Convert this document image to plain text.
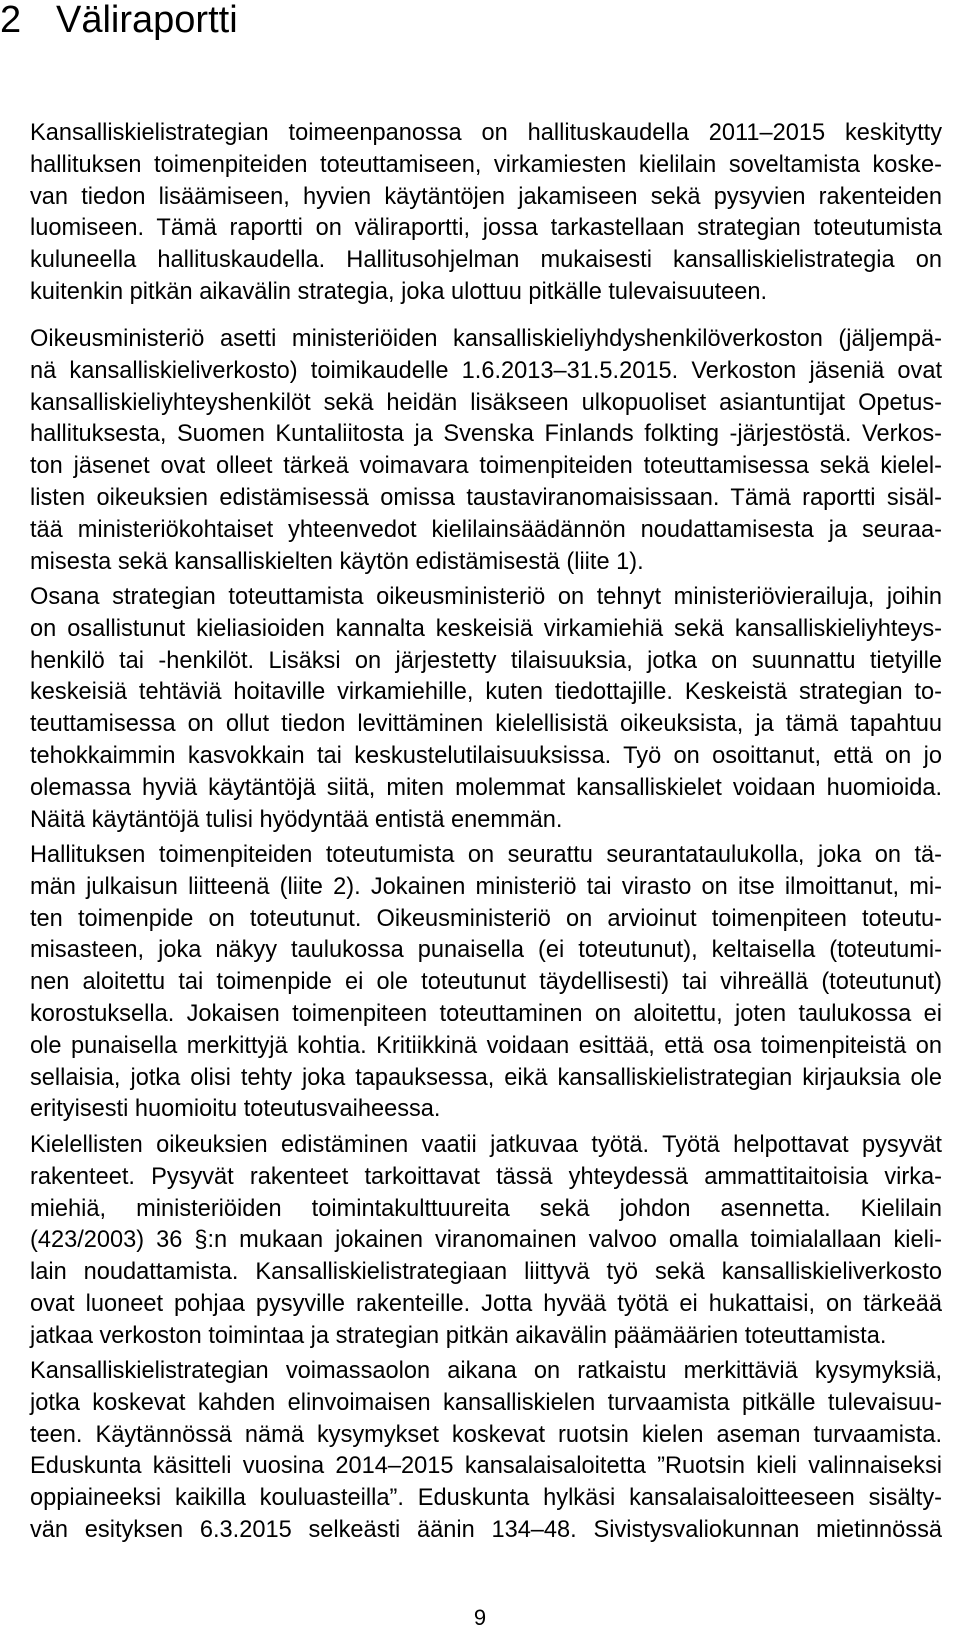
2 Väliraportti
Kansalliskielistrategian toimeenpanossa on hallituskaudella 2011–2015 keskitytty
hallituksen toimenpiteiden toteuttamiseen, virkamiesten kielilain soveltamista koske-
van tiedon lisäämiseen, hyvien käytäntöjen jakamiseen sekä pysyvien rakenteiden
luomiseen. Tämä raportti on väliraportti, jossa tarkastellaan strategian toteutumista
kuluneella hallituskaudella. Hallitusohjelman mukaisesti kansalliskielistrategia on
kuitenkin pitkän aikavälin strategia, joka ulottuu pitkälle tulevaisuuteen.
Oikeusministeriö asetti ministeriöiden kansalliskieliyhdyshenkilöverkoston (jäljempä-
nä kansalliskieliverkosto) toimikaudelle 1.6.2013–31.5.2015. Verkoston jäseniä ovat
kansalliskieliyhteyshenkilöt sekä heidän lisäkseen ulkopuoliset asiantuntijat Opetus-
hallituksesta, Suomen Kuntaliitosta ja Svenska Finlands folkting -järjestöstä. Verkos-
ton jäsenet ovat olleet tärkeä voimavara toimenpiteiden toteuttamisessa sekä kielel-
listen oikeuksien edistämisessä omissa taustaviranomaisissaan. Tämä raportti sisäl-
tää ministeriökohtaiset yhteenvedot kielilainsäädännön noudattamisesta ja seuraa-
misesta sekä kansalliskielten käytön edistämisestä (liite 1).
Osana strategian toteuttamista oikeusministeriö on tehnyt ministeriövierailuja, joihin
on osallistunut kieliasioiden kannalta keskeisiä virkamiehiä sekä kansalliskieliyhteys-
henkilö tai -henkilöt. Lisäksi on järjestetty tilaisuuksia, jotka on suunnattu tietyille
keskeisiä tehtäviä hoitaville virkamiehille, kuten tiedottajille. Keskeistä strategian to-
teuttamisessa on ollut tiedon levittäminen kielellisistä oikeuksista, ja tämä tapahtuu
tehokkaimmin kasvokkain tai keskustelutilaisuuksissa. Työ on osoittanut, että on jo
olemassa hyviä käytäntöjä siitä, miten molemmat kansalliskielet voidaan huomioida.
Näitä käytäntöjä tulisi hyödyntää entistä enemmän.
Hallituksen toimenpiteiden toteutumista on seurattu seurantataulukolla, joka on tä-
män julkaisun liitteenä (liite 2). Jokainen ministeriö tai virasto on itse ilmoittanut, mi-
ten toimenpide on toteutunut. Oikeusministeriö on arvioinut toimenpiteen toteutu-
misasteen, joka näkyy taulukossa punaisella (ei toteutunut), keltaisella (toteutumi-
nen aloitettu tai toimenpide ei ole toteutunut täydellisesti) tai vihreällä (toteutunut)
korostuksella. Jokaisen toimenpiteen toteuttaminen on aloitettu, joten taulukossa ei
ole punaisella merkittyjä kohtia. Kritiikkinä voidaan esittää, että osa toimenpiteistä on
sellaisia, jotka olisi tehty joka tapauksessa, eikä kansalliskielistrategian kirjauksia ole
erityisesti huomioitu toteutusvaiheessa.
Kielellisten oikeuksien edistäminen vaatii jatkuvaa työtä. Työtä helpottavat pysyvät
rakenteet. Pysyvät rakenteet tarkoittavat tässä yhteydessä ammattitaitoisia virka-
miehiä, ministeriöiden toimintakulttuureita sekä johdon asennetta. Kielilain
(423/2003) 36 §:n mukaan jokainen viranomainen valvoo omalla toimialallaan kieli-
lain noudattamista. Kansalliskielistrategiaan liittyvä työ sekä kansalliskieliverkosto
ovat luoneet pohjaa pysyville rakenteille. Jotta hyvää työtä ei hukattaisi, on tärkeää
jatkaa verkoston toimintaa ja strategian pitkän aikavälin päämäärien toteuttamista.
Kansalliskielistrategian voimassaolon aikana on ratkaistu merkittäviä kysymyksiä,
jotka koskevat kahden elinvoimaisen kansalliskielen turvaamista pitkälle tulevaisuu-
teen. Käytännössä nämä kysymykset koskevat ruotsin kielen aseman turvaamista.
Eduskunta käsitteli vuosina 2014–2015 kansalaisaloitetta ”Ruotsin kieli valinnaiseksi
oppiaineeksi kaikilla kouluasteilla”. Eduskunta hylkäsi kansalaisaloitteeseen sisälty-
vän esityksen 6.3.2015 selkeästi äänin 134–48. Sivistysvaliokunnan mietinnössä
9
